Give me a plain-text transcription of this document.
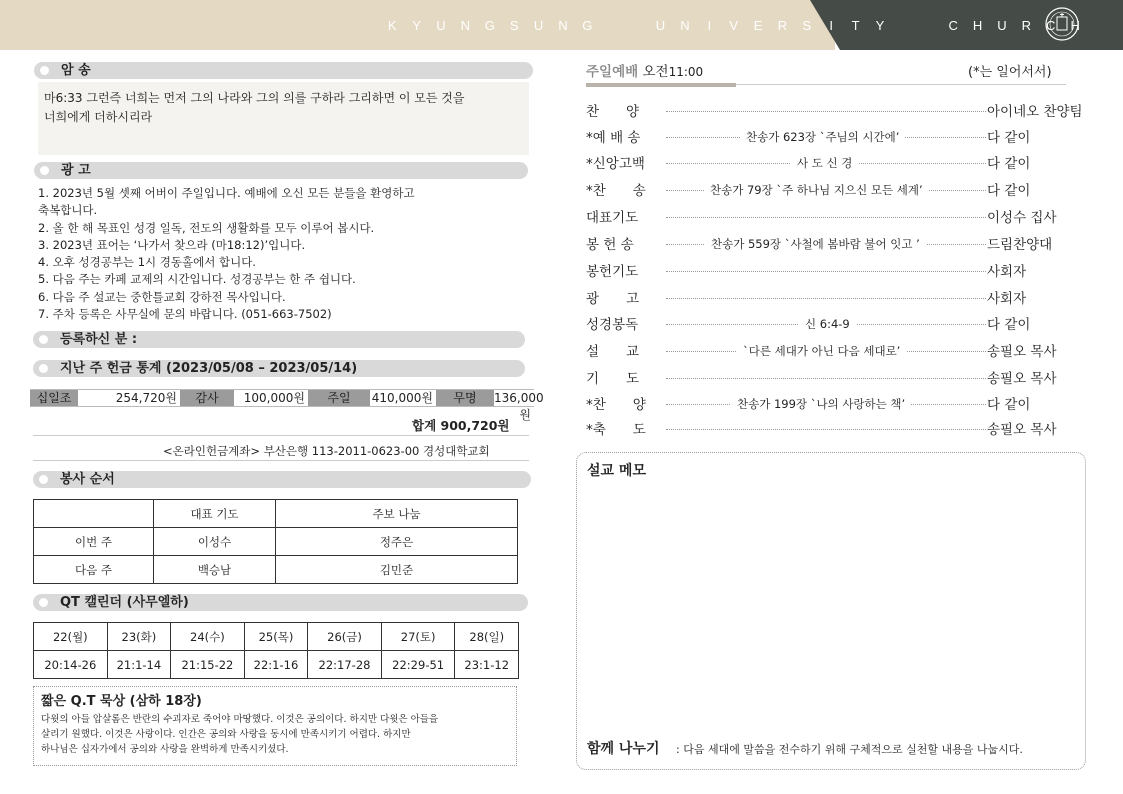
K Y U N G S U N G	U N I V E R S I T Y	C H U R C H
암 송
마6:33 그런즉 너희는 먼저 그의 나라와 그의 의를 구하라 그리하면 이 모든 것을
너희에게 더하시리라
광 고
1. 2023년 5월 셋째 어버이 주일입니다. 예배에 오신 모든 분들을 환영하고
축복합니다.
2. 올 한 해 목표인 성경 일독, 전도의 생활화를 모두 이루어 봅시다.
3. 2023년 표어는 ‘나가서 찾으라 (마18:12)’입니다.
4. 오후 성경공부는 1시 경동홀에서 합니다.
5. 다음 주는 카페 교제의 시간입니다. 성경공부는 한 주 쉽니다.
6. 다음 주 설교는 중한틀교회 강하전 목사입니다.
7. 주차 등록은 사무실에 문의 바랍니다. (051-663-7502)
등록하신 분 :
지난 주 헌금 통계 (2023/05/08 – 2023/05/14)
십일조	254,720원	감사	100,000원	주일	410,000원	무명	136,000원
합계 900,720원
<온라인헌금계좌> 부산은행 113-2011-0623-00 경성대학교회
봉사 순서
	대표 기도	주보 나눔
이번 주	이성수	정주은
다음 주	백승남	김민준
QT 캘린더 (사무엘하)
22(월)	23(화)	24(수)	25(목)	26(금)	27(토)	28(일)
20:14-26	21:1-14	21:15-22	22:1-16	22:17-28	22:29-51	23:1-12
짧은 Q.T 묵상 (삼하 18장)
다윗의 아들 압살롬은 반란의 수괴자로 죽어야 마땅했다. 이것은 공의이다. 하지만 다윗은 아들을
살리기 원했다. 이것은 사랑이다. 인간은 공의와 사랑을 동시에 만족시키기 어렵다. 하지만
하나님은 십자가에서 공의와 사랑을 완벽하게 만족시키셨다.
주일예배 오전11:00	(*는 일어서서)
찬　　양	아이네오 찬양팀
*예 배 송	찬송가 623장 `주님의 시간에’	다 같이
*신앙고백	사 도 신 경	다 같이
*찬　　송	찬송가 79장 `주 하나님 지으신 모든 세계’	다 같이
대표기도	이성수 집사
봉 헌 송	찬송가 559장 `사철에 봄바람 불어 잇고 ’	드림찬양대
봉헌기도	사회자
광　　고	사회자
성경봉독	신 6:4-9	다 같이
설　　교	`다른 세대가 아닌 다음 세대로’	송필오 목사
기　　도	송필오 목사
*찬　　양	찬송가 199장 `나의 사랑하는 책’	다 같이
*축　　도	송필오 목사
설교 메모
함께 나누기 : 다음 세대에 말씀을 전수하기 위해 구체적으로 실천할 내용을 나눕시다.
